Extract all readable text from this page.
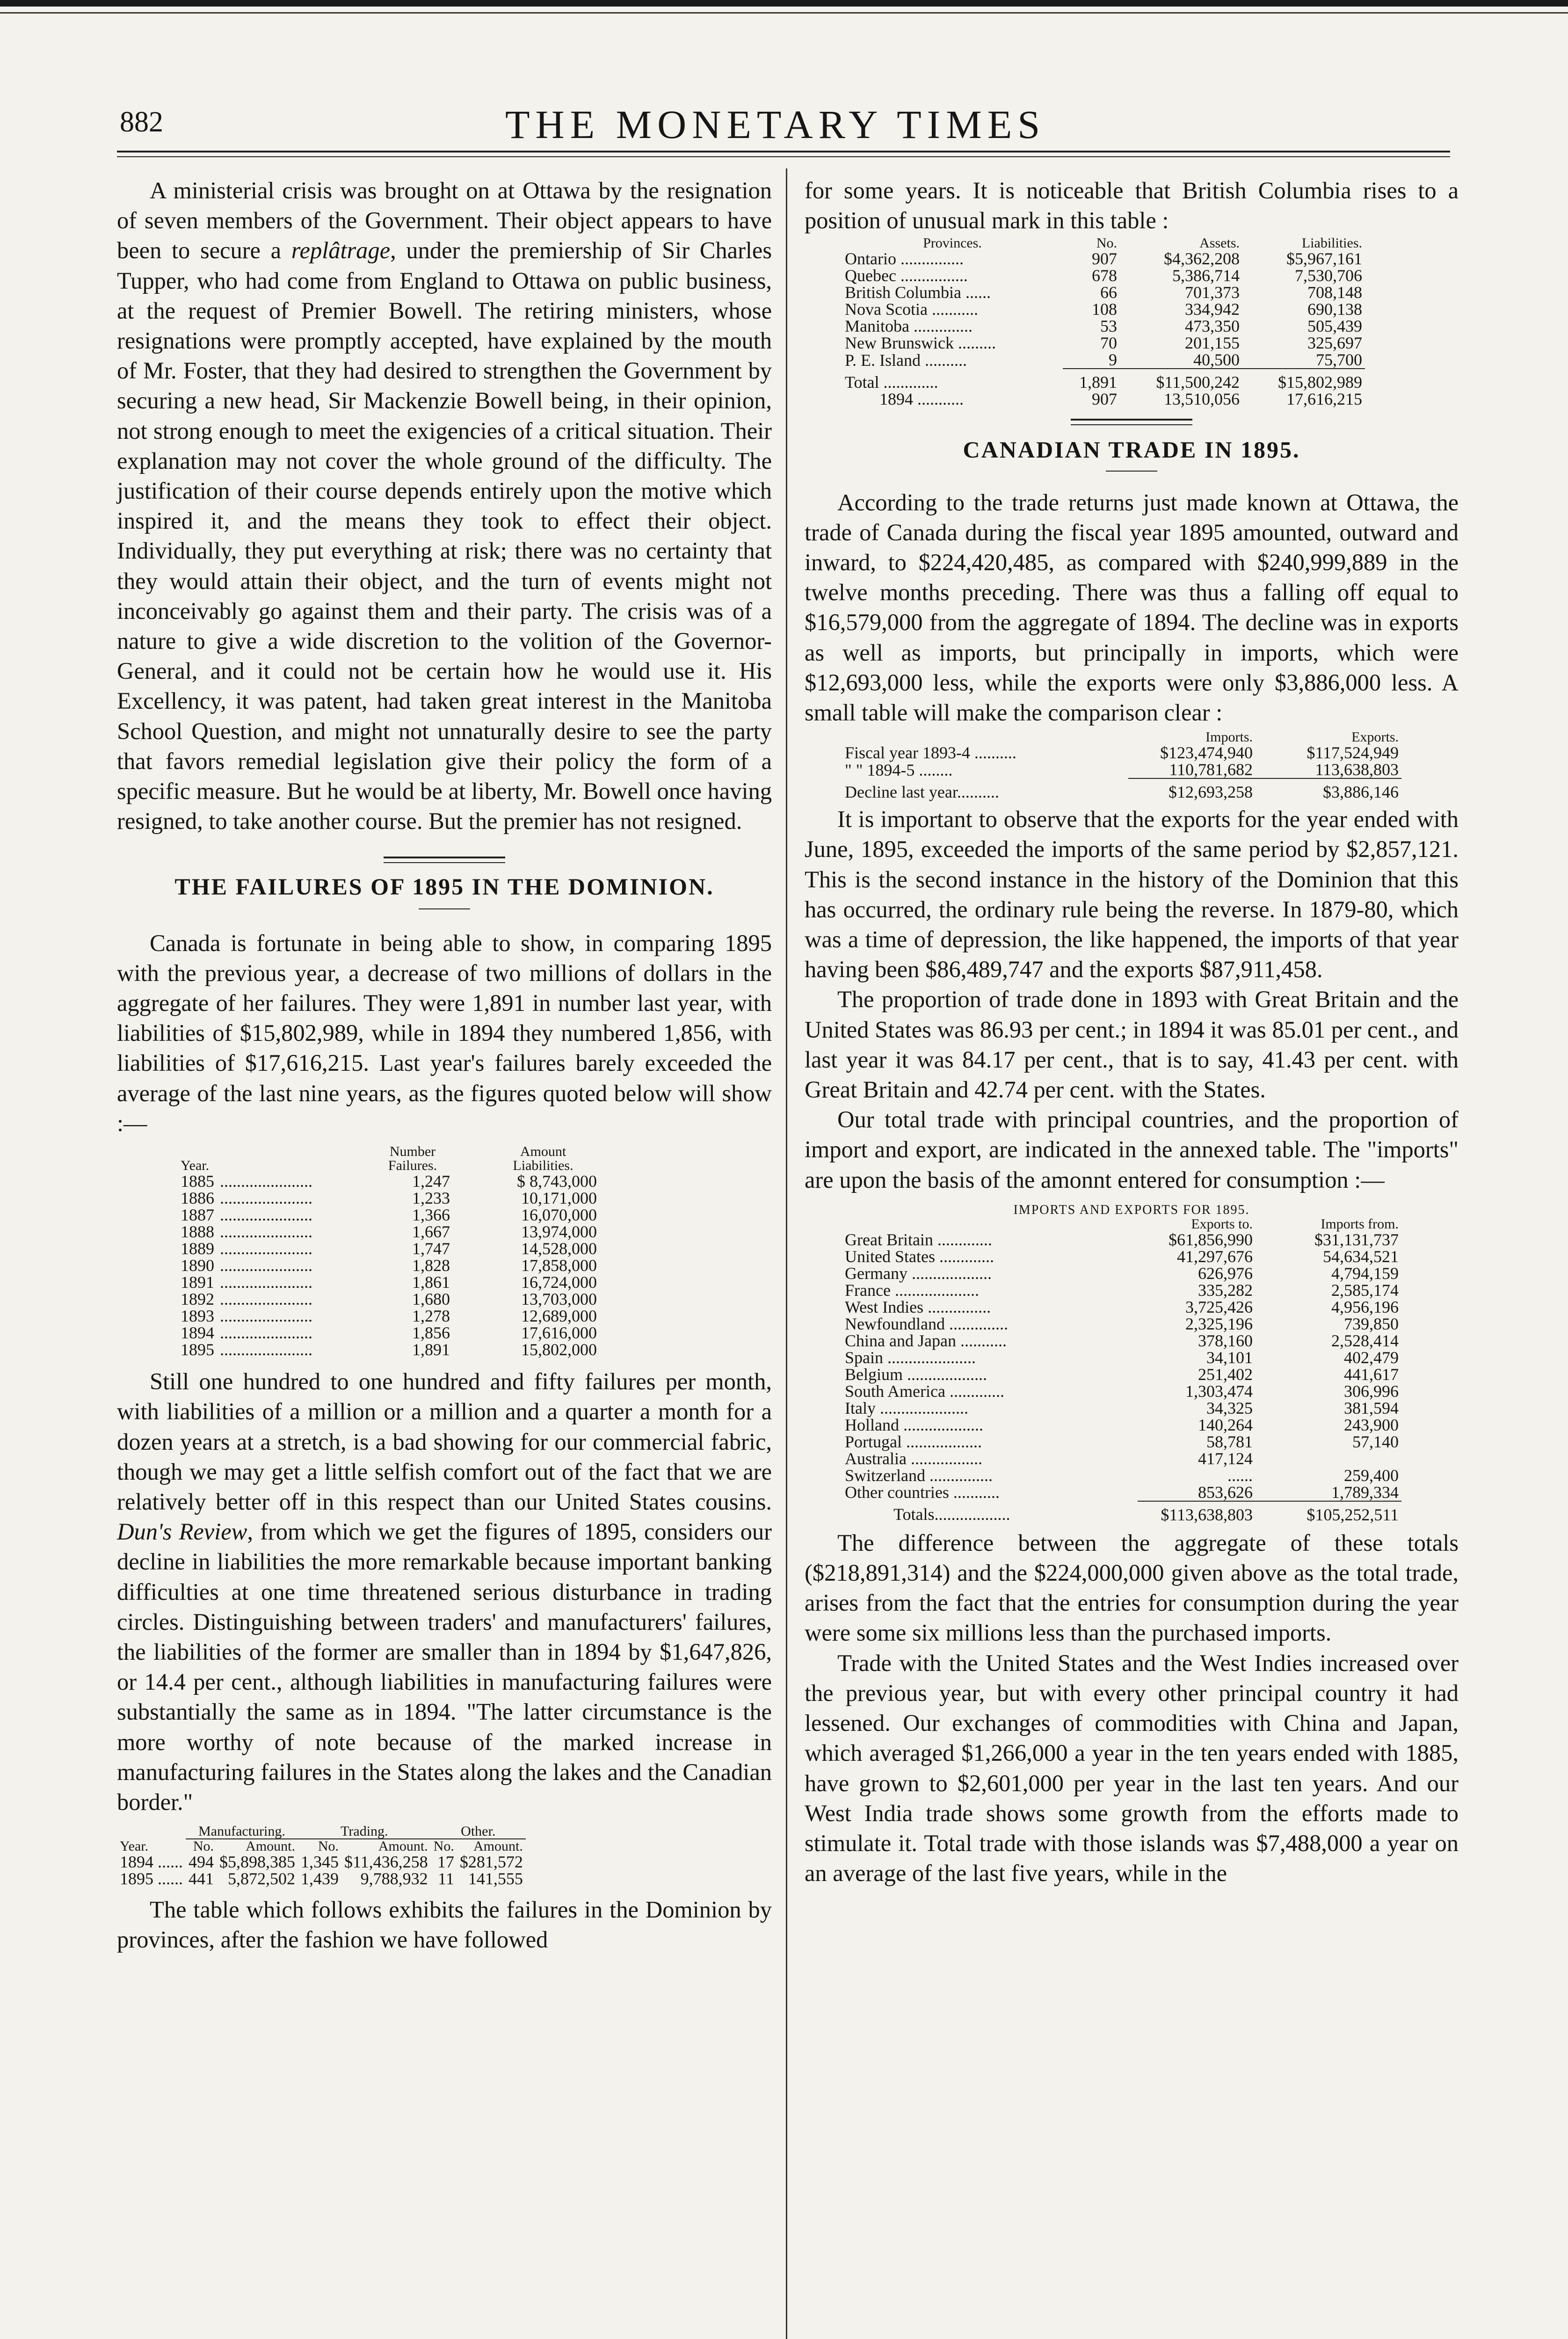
882	THE MONETARY TIMES

A ministerial crisis was brought on at Ottawa by the resignation of seven members of the Government. Their object appears to have been to secure a replâtrage, under the premiership of Sir Charles Tupper, who had come from England to Ottawa on public business, at the request of Premier Bowell. The retiring ministers, whose resignations were promptly accepted, have explained by the mouth of Mr. Foster, that they had desired to strengthen the Government by securing a new head, Sir Mackenzie Bowell being, in their opinion, not strong enough to meet the exigencies of a critical situation. Their explanation may not cover the whole ground of the difficulty. The justification of their course depends entirely upon the motive which inspired it, and the means they took to effect their object. Individually, they put everything at risk; there was no certainty that they would attain their object, and the turn of events might not inconceivably go against them and their party. The crisis was of a nature to give a wide discretion to the volition of the Governor-General, and it could not be certain how he would use it. His Excellency, it was patent, had taken great interest in the Manitoba School Question, and might not unnaturally desire to see the party that favors remedial legislation give their policy the form of a specific measure. But he would be at liberty, Mr. Bowell once having resigned, to take another course. But the premier has not resigned.

THE FAILURES OF 1895 IN THE DOMINION.

Canada is fortunate in being able to show, in comparing 1895 with the previous year, a decrease of two millions of dollars in the aggregate of her failures. They were 1,891 in number last year, with liabilities of $15,802,989, while in 1894 they numbered 1,856, with liabilities of $17,616,215. Last year's failures barely exceeded the average of the last nine years, as the figures quoted below will show :—

Year.		Number Failures.		Amount Liabilities.
1885	......................	1,247		$ 8,743,000
1886	......................	1,233		10,171,000
1887	......................	1,366		16,070,000
1888	......................	1,667		13,974,000
1889	......................	1,747		14,528,000
1890	......................	1,828		17,858,000
1891	......................	1,861		16,724,000
1892	......................	1,680		13,703,000
1893	......................	1,278		12,689,000
1894	......................	1,856		17,616,000
1895	......................	1,891		15,802,000

Still one hundred to one hundred and fifty failures per month, with liabilities of a million or a million and a quarter a month for a dozen years at a stretch, is a bad showing for our commercial fabric, though we may get a little selfish comfort out of the fact that we are relatively better off in this respect than our United States cousins. Dun's Review, from which we get the figures of 1895, considers our decline in liabilities the more remarkable because important banking difficulties at one time threatened serious disturbance in trading circles. Distinguishing between traders' and manufacturers' failures, the liabilities of the former are smaller than in 1894 by $1,647,826, or 14.4 per cent., although liabilities in manufacturing failures were substantially the same as in 1894. "The latter circumstance is the more worthy of note because of the marked increase in manufacturing failures in the States along the lakes and the Canadian border."

	Manufacturing.		Trading.		Other.	
Year.	No.	Amount.	No.	Amount.	No.	Amount.
1894 ......	494	$5,898,385	1,345	$11,436,258	17	$281,572
1895 ......	441	5,872,502	1,439	9,788,932	11	141,555

The table which follows exhibits the failures in the Dominion by provinces, after the fashion we have followed

for some years. It is noticeable that British Columbia rises to a position of unusual mark in this table :

Provinces.	No.	Assets.	Liabilities.
Ontario ...............	907	$4,362,208	$5,967,161
Quebec ................	678	5,386,714	7,530,706
British Columbia ......	66	701,373	708,148
Nova Scotia ...........	108	334,942	690,138
Manitoba ..............	53	473,350	505,439
New Brunswick .........	70	201,155	325,697
P. E. Island ..........	9	40,500	75,700
Total .............	1,891	$11,500,242	$15,802,989
1894 ...........	907	13,510,056	17,616,215
CANADIAN TRADE IN 1895.

According to the trade returns just made known at Ottawa, the trade of Canada during the fiscal year 1895 amounted, outward and inward, to $224,420,485, as compared with $240,999,889 in the twelve months preceding. There was thus a falling off equal to $16,579,000 from the aggregate of 1894. The decline was in exports as well as imports, but principally in imports, which were $12,693,000 less, while the exports were only $3,886,000 less. A small table will make the comparison clear :

	Imports.	Exports.
Fiscal year 1893-4 ..........	$123,474,940	$117,524,949
" " 1894-5 ........	110,781,682	113,638,803
Decline last year..........	$12,693,258	$3,886,146

It is important to observe that the exports for the year ended with June, 1895, exceeded the imports of the same period by $2,857,121. This is the second instance in the history of the Dominion that this has occurred, the ordinary rule being the reverse. In 1879-80, which was a time of depression, the like happened, the imports of that year having been $86,489,747 and the exports $87,911,458.

The proportion of trade done in 1893 with Great Britain and the United States was 86.93 per cent.; in 1894 it was 85.01 per cent., and last year it was 84.17 per cent., that is to say, 41.43 per cent. with Great Britain and 42.74 per cent. with the States.

Our total trade with principal countries, and the proportion of import and export, are indicated in the annexed table. The "imports" are upon the basis of the amonnt entered for consumption :—

IMPORTS AND EXPORTS FOR 1895.
	Exports to.	Imports from.
Great Britain .............	$61,856,990	$31,131,737
United States .............	41,297,676	54,634,521
Germany ...................	626,976	4,794,159
France ....................	335,282	2,585,174
West Indies ...............	3,725,426	4,956,196
Newfoundland ..............	2,325,196	739,850
China and Japan ...........	378,160	2,528,414
Spain .....................	34,101	402,479
Belgium ...................	251,402	441,617
South America .............	1,303,474	306,996
Italy .....................	34,325	381,594
Holland ...................	140,264	243,900
Portugal ..................	58,781	57,140
Australia .................	417,124	
Switzerland ...............	......	259,400
Other countries ...........	853,626	1,789,334
Totals..................	$113,638,803	$105,252,511

The difference between the aggregate of these totals ($218,891,314) and the $224,000,000 given above as the total trade, arises from the fact that the entries for consumption during the year were some six millions less than the purchased imports.

Trade with the United States and the West Indies increased over the previous year, but with every other principal country it had lessened. Our exchanges of commodities with China and Japan, which averaged $1,266,000 a year in the ten years ended with 1885, have grown to $2,601,000 per year in the last ten years. And our West India trade shows some growth from the efforts made to stimulate it. Total trade with those islands was $7,488,000 a year on an average of the last five years, while in the
